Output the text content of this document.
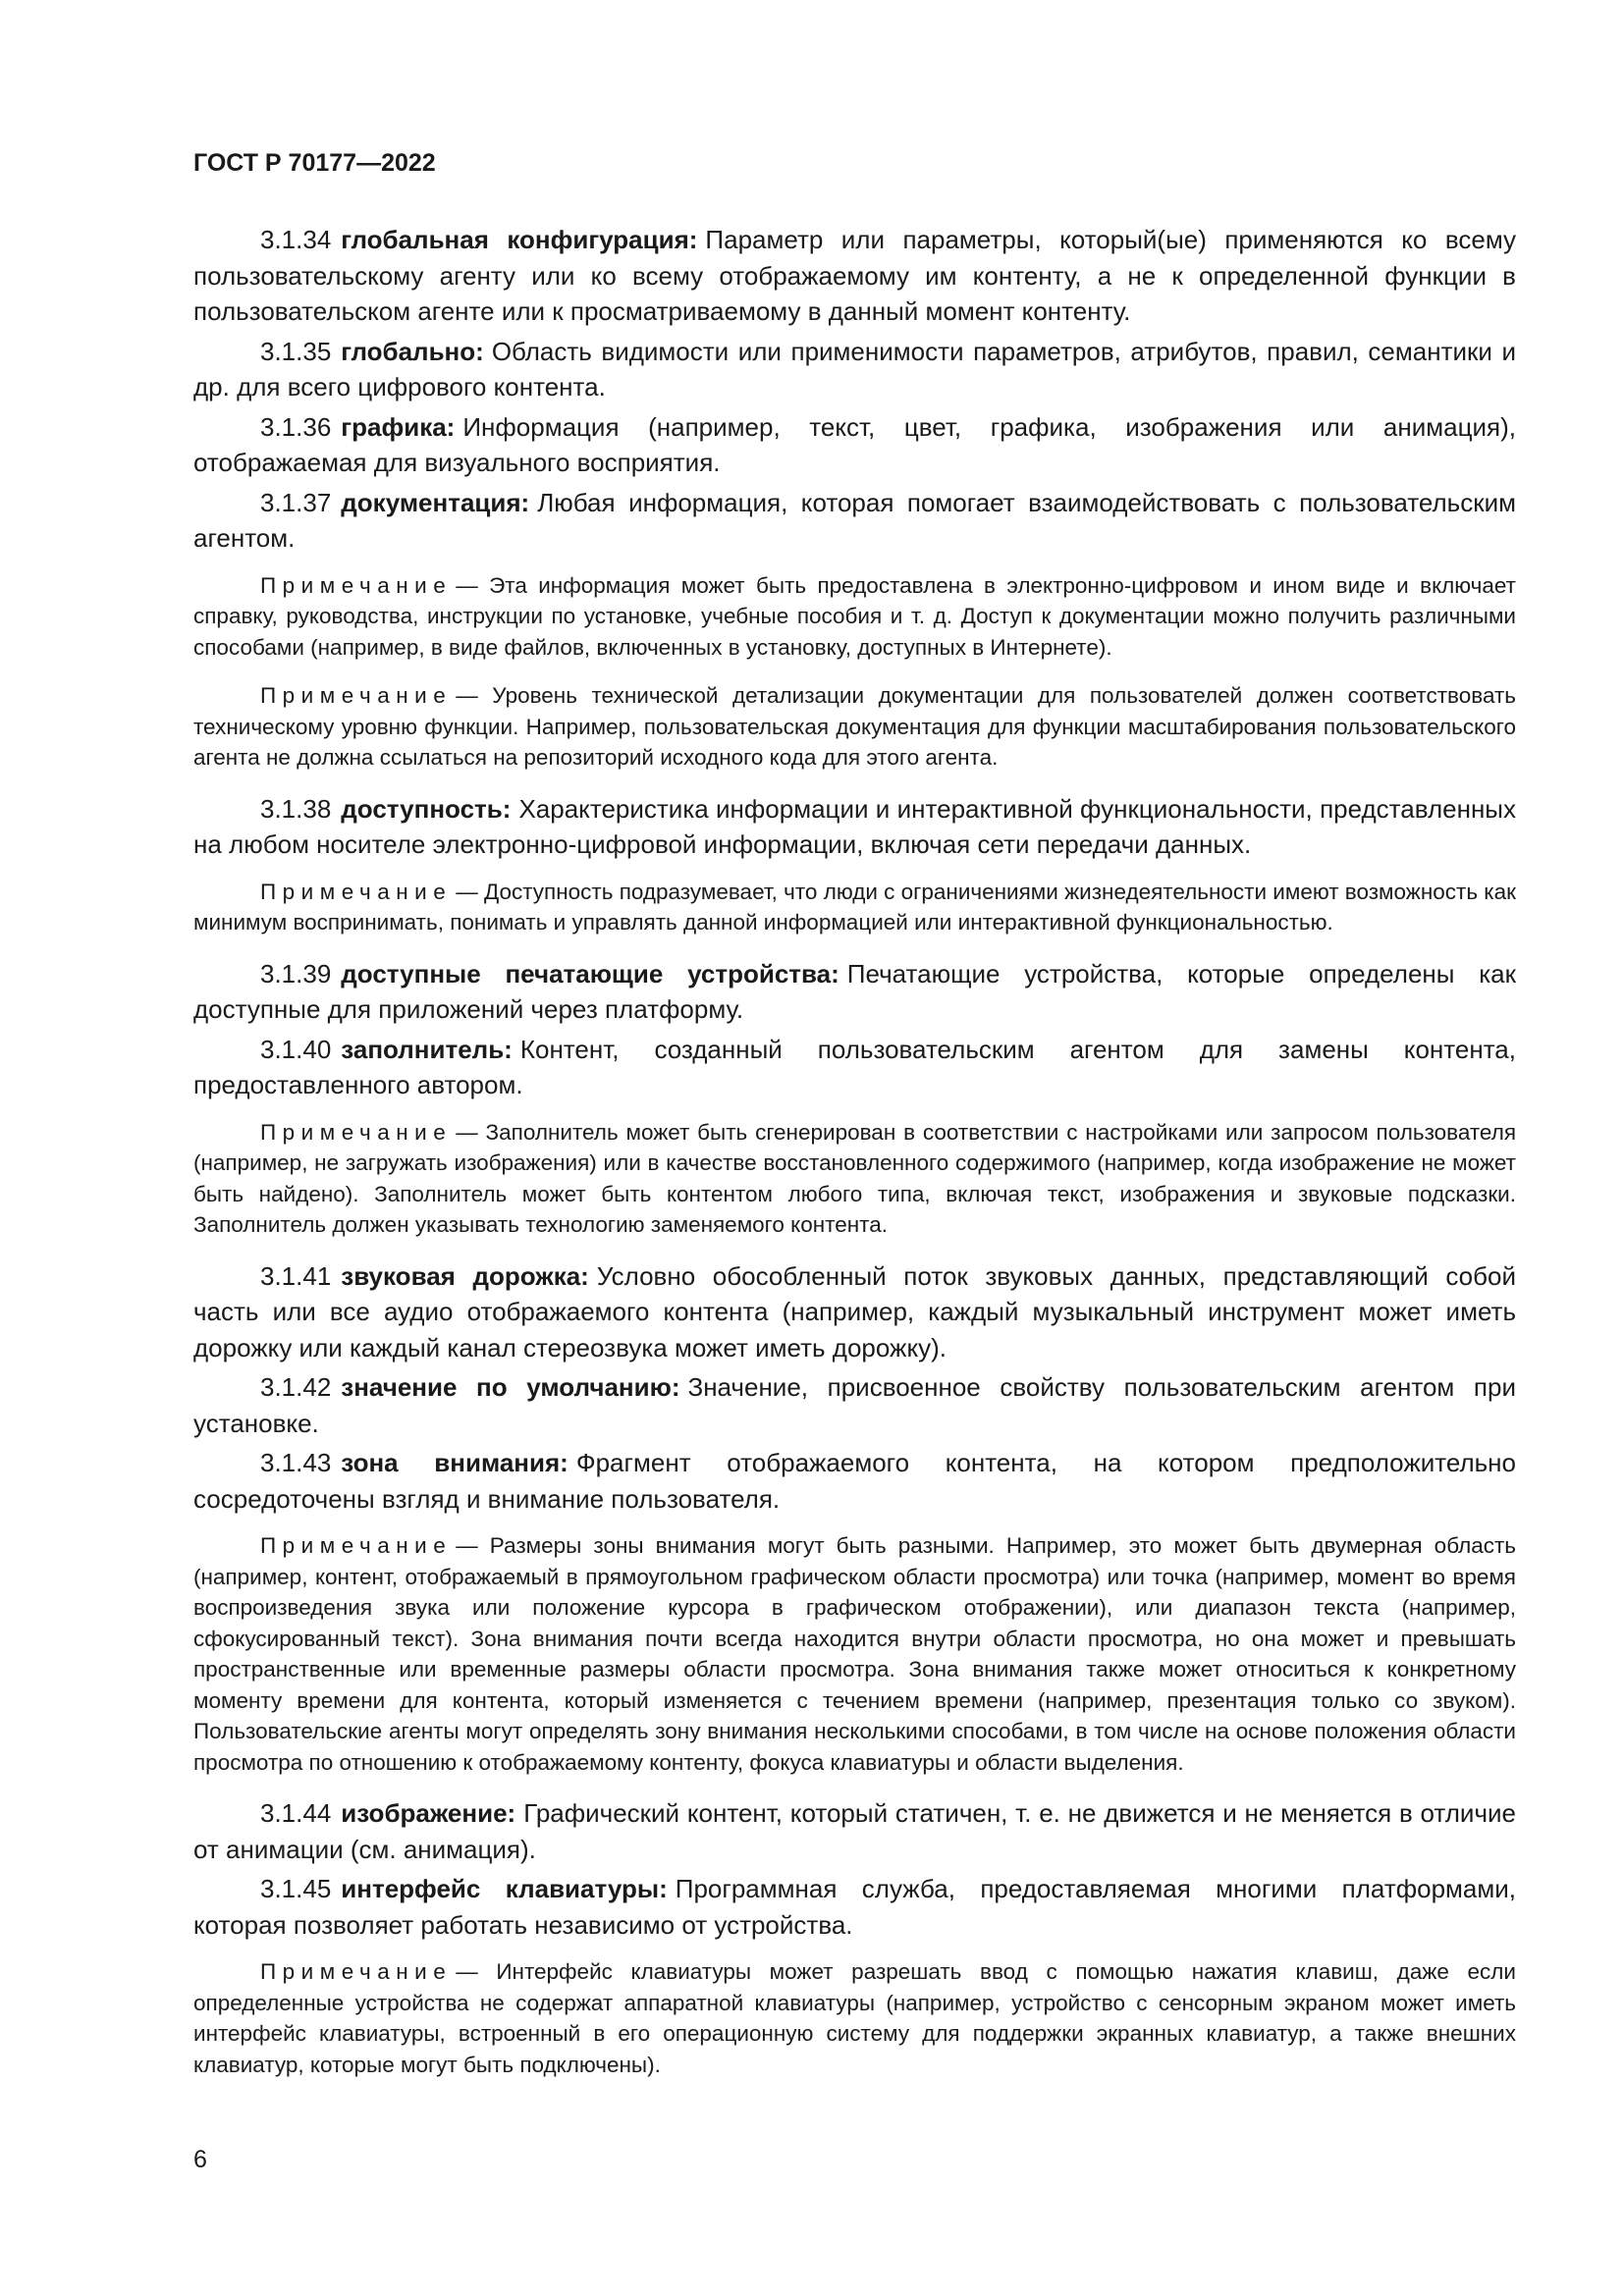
ГОСТ Р 70177—2022

3.1.34 глобальная конфигурация: Параметр или параметры, который(ые) применяются ко всему пользовательскому агенту или ко всему отображаемому им контенту, а не к определенной функции в пользовательском агенте или к просматриваемому в данный момент контенту.

3.1.35 глобально: Область видимости или применимости параметров, атрибутов, правил, семантики и др. для всего цифрового контента.

3.1.36 графика: Информация (например, текст, цвет, графика, изображения или анимация), отображаемая для визуального восприятия.

3.1.37 документация: Любая информация, которая помогает взаимодействовать с пользовательским агентом.

Примечание — Эта информация может быть предоставлена в электронно-цифровом и ином виде и включает справку, руководства, инструкции по установке, учебные пособия и т. д. Доступ к документации можно получить различными способами (например, в виде файлов, включенных в установку, доступных в Интернете).

Примечание — Уровень технической детализации документации для пользователей должен соответствовать техническому уровню функции. Например, пользовательская документация для функции масштабирования пользовательского агента не должна ссылаться на репозиторий исходного кода для этого агента.

3.1.38 доступность: Характеристика информации и интерактивной функциональности, представленных на любом носителе электронно-цифровой информации, включая сети передачи данных.

Примечание — Доступность подразумевает, что люди с ограничениями жизнедеятельности имеют возможность как минимум воспринимать, понимать и управлять данной информацией или интерактивной функциональностью.

3.1.39 доступные печатающие устройства: Печатающие устройства, которые определены как доступные для приложений через платформу.

3.1.40 заполнитель: Контент, созданный пользовательским агентом для замены контента, предоставленного автором.

Примечание — Заполнитель может быть сгенерирован в соответствии с настройками или запросом пользователя (например, не загружать изображения) или в качестве восстановленного содержимого (например, когда изображение не может быть найдено). Заполнитель может быть контентом любого типа, включая текст, изображения и звуковые подсказки. Заполнитель должен указывать технологию заменяемого контента.

3.1.41 звуковая дорожка: Условно обособленный поток звуковых данных, представляющий собой часть или все аудио отображаемого контента (например, каждый музыкальный инструмент может иметь дорожку или каждый канал стереозвука может иметь дорожку).

3.1.42 значение по умолчанию: Значение, присвоенное свойству пользовательским агентом при установке.

3.1.43 зона внимания: Фрагмент отображаемого контента, на котором предположительно сосредоточены взгляд и внимание пользователя.

Примечание — Размеры зоны внимания могут быть разными. Например, это может быть двумерная область (например, контент, отображаемый в прямоугольном графическом области просмотра) или точка (например, момент во время воспроизведения звука или положение курсора в графическом отображении), или диапазон текста (например, сфокусированный текст). Зона внимания почти всегда находится внутри области просмотра, но она может и превышать пространственные или временные размеры области просмотра. Зона внимания также может относиться к конкретному моменту времени для контента, который изменяется с течением времени (например, презентация только со звуком). Пользовательские агенты могут определять зону внимания несколькими способами, в том числе на основе положения области просмотра по отношению к отображаемому контенту, фокуса клавиатуры и области выделения.

3.1.44 изображение: Графический контент, который статичен, т. е. не движется и не меняется в отличие от анимации (см. анимация).

3.1.45 интерфейс клавиатуры: Программная служба, предоставляемая многими платформами, которая позволяет работать независимо от устройства.

Примечание — Интерфейс клавиатуры может разрешать ввод с помощью нажатия клавиш, даже если определенные устройства не содержат аппаратной клавиатуры (например, устройство с сенсорным экраном может иметь интерфейс клавиатуры, встроенный в его операционную систему для поддержки экранных клавиатур, а также внешних клавиатур, которые могут быть подключены).

6
